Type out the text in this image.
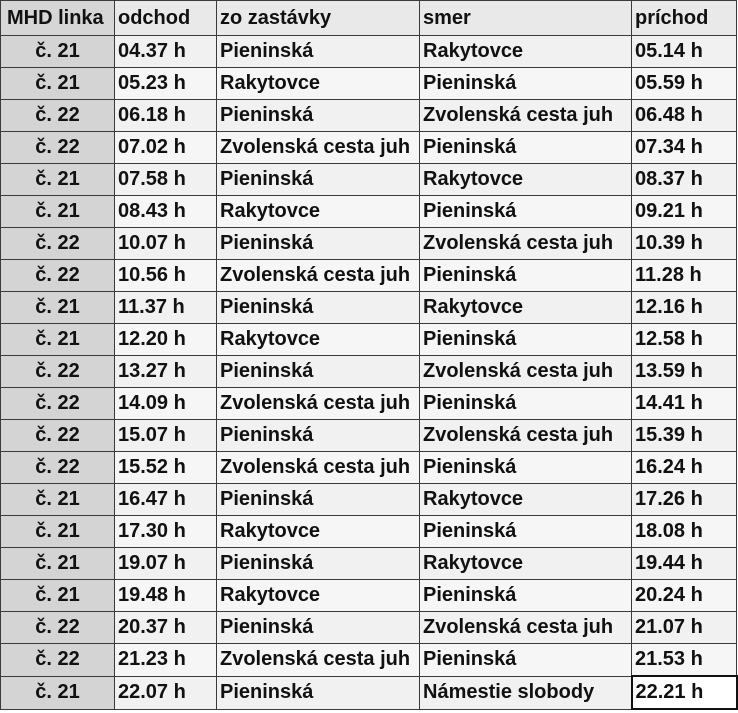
MHD linka	odchod	zo zastávky	smer	príchod
č. 21	04.37 h	Pieninská	Rakytovce	05.14 h
č. 21	05.23 h	Rakytovce	Pieninská	05.59 h
č. 22	06.18 h	Pieninská	Zvolenská cesta juh	06.48 h
č. 22	07.02 h	Zvolenská cesta juh	Pieninská	07.34 h
č. 21	07.58 h	Pieninská	Rakytovce	08.37 h
č. 21	08.43 h	Rakytovce	Pieninská	09.21 h
č. 22	10.07 h	Pieninská	Zvolenská cesta juh	10.39 h
č. 22	10.56 h	Zvolenská cesta juh	Pieninská	11.28 h
č. 21	11.37 h	Pieninská	Rakytovce	12.16 h
č. 21	12.20 h	Rakytovce	Pieninská	12.58 h
č. 22	13.27 h	Pieninská	Zvolenská cesta juh	13.59 h
č. 22	14.09 h	Zvolenská cesta juh	Pieninská	14.41 h
č. 22	15.07 h	Pieninská	Zvolenská cesta juh	15.39 h
č. 22	15.52 h	Zvolenská cesta juh	Pieninská	16.24 h
č. 21	16.47 h	Pieninská	Rakytovce	17.26 h
č. 21	17.30 h	Rakytovce	Pieninská	18.08 h
č. 21	19.07 h	Pieninská	Rakytovce	19.44 h
č. 21	19.48 h	Rakytovce	Pieninská	20.24 h
č. 22	20.37 h	Pieninská	Zvolenská cesta juh	21.07 h
č. 22	21.23 h	Zvolenská cesta juh	Pieninská	21.53 h
č. 21	22.07 h	Pieninská	Námestie slobody	22.21 h
